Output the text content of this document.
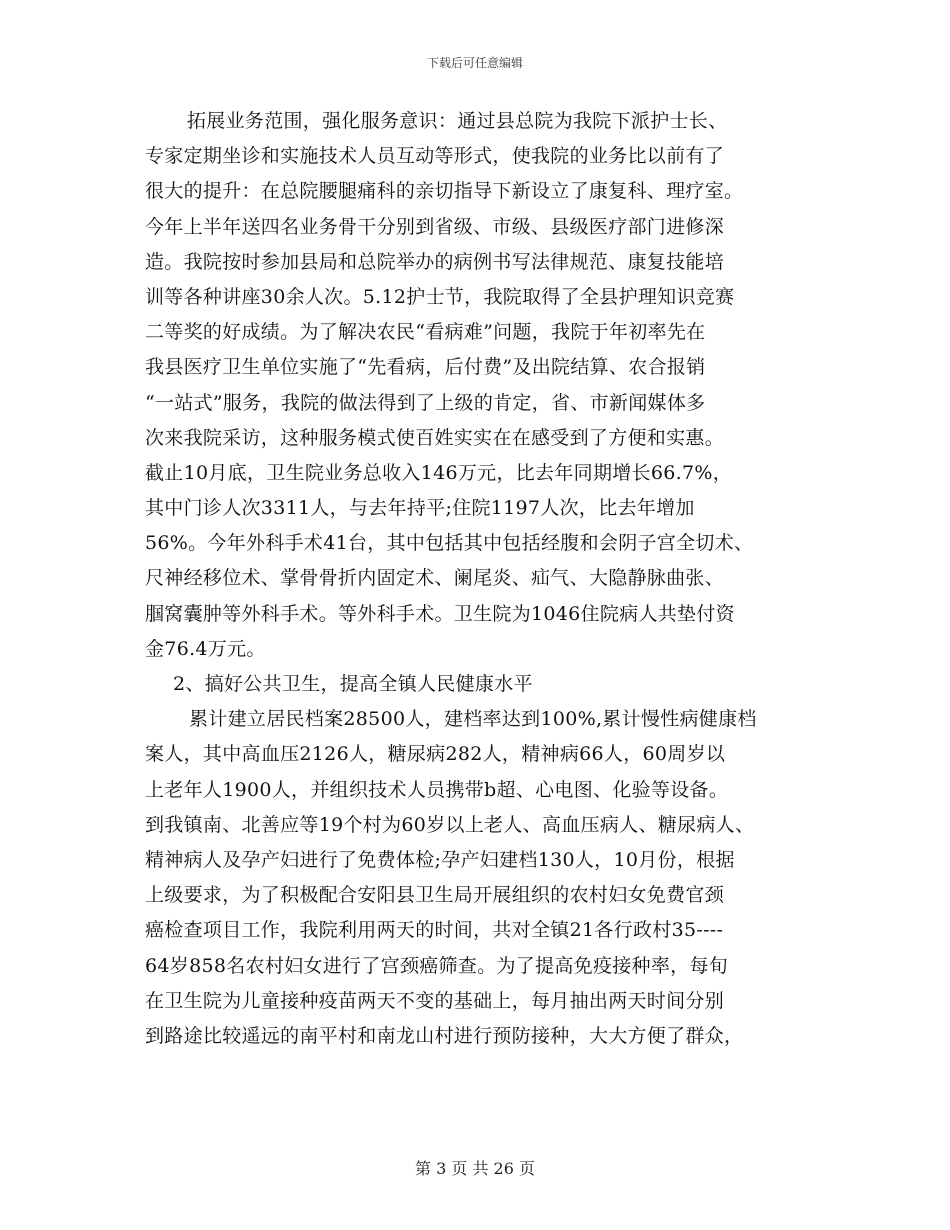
下载后可任意编辑
拓展业务范围，强化服务意识：通过县总院为我院下派护士长、
专家定期坐诊和实施技术人员互动等形式，使我院的业务比以前有了
很大的提升：在总院腰腿痛科的亲切指导下新设立了康复科、理疗室。
今年上半年送四名业务骨干分别到省级、市级、县级医疗部门进修深
造。我院按时参加县局和总院举办的病例书写法律规范、康复技能培
训等各种讲座30余人次。5.12护士节，我院取得了全县护理知识竞赛
二等奖的好成绩。为了解决农民“看病难”问题，我院于年初率先在
我县医疗卫生单位实施了“先看病，后付费”及出院结算、农合报销
“一站式”服务，我院的做法得到了上级的肯定，省、市新闻媒体多
次来我院采访，这种服务模式使百姓实实在在感受到了方便和实惠。
截止10月底，卫生院业务总收入146万元，比去年同期增长66.7%，
其中门诊人次3311人，与去年持平;住院1197人次，比去年增加
56%。今年外科手术41台，其中包括其中包括经腹和会阴子宫全切术、
尺神经移位术、掌骨骨折内固定术、阑尾炎、疝气、大隐静脉曲张、
腘窝囊肿等外科手术。等外科手术。卫生院为1046住院病人共垫付资
金76.4万元。
2、搞好公共卫生，提高全镇人民健康水平
累计建立居民档案28500人，建档率达到100%,累计慢性病健康档
案人，其中高血压2126人，糖尿病282人，精神病66人，60周岁以
上老年人1900人，并组织技术人员携带b超、心电图、化验等设备。
到我镇南、北善应等19个村为60岁以上老人、高血压病人、糖尿病人、
精神病人及孕产妇进行了免费体检;孕产妇建档130人，10月份，根据
上级要求，为了积极配合安阳县卫生局开展组织的农村妇女免费官颈
癌检查项目工作，我院利用两天的时间，共对全镇21各行政村35----
64岁858名农村妇女进行了宫颈癌筛查。为了提高免疫接种率，每旬
在卫生院为儿童接种疫苗两天不变的基础上，每月抽出两天时间分别
到路途比较遥远的南平村和南龙山村进行预防接种，大大方便了群众，
第 3 页 共 26 页
